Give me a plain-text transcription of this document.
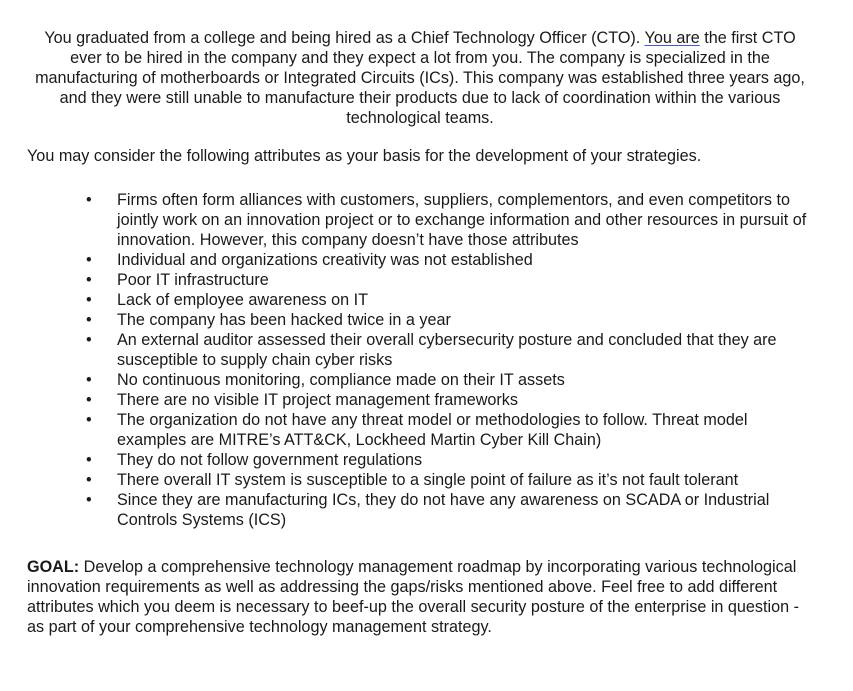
You graduated from a college and being hired as a Chief Technology Officer (CTO). You are the first CTO ever to be hired in the company and they expect a lot from you. The company is specialized in the manufacturing of motherboards or Integrated Circuits (ICs). This company was established three years ago, and they were still unable to manufacture their products due to lack of coordination within the various technological teams.

You may consider the following attributes as your basis for the development of your strategies.

•	Firms often form alliances with customers, suppliers, complementors, and even competitors to jointly work on an innovation project or to exchange information and other resources in pursuit of innovation. However, this company doesn’t have those attributes
•	Individual and organizations creativity was not established
•	Poor IT infrastructure
•	Lack of employee awareness on IT
•	The company has been hacked twice in a year
•	An external auditor assessed their overall cybersecurity posture and concluded that they are susceptible to supply chain cyber risks
•	No continuous monitoring, compliance made on their IT assets
•	There are no visible IT project management frameworks
•	The organization do not have any threat model or methodologies to follow. Threat model examples are MITRE’s ATT&CK, Lockheed Martin Cyber Kill Chain)
•	They do not follow government regulations
•	There overall IT system is susceptible to a single point of failure as it’s not fault tolerant
•	Since they are manufacturing ICs, they do not have any awareness on SCADA or Industrial Controls Systems (ICS)

GOAL: Develop a comprehensive technology management roadmap by incorporating various technological innovation requirements as well as addressing the gaps/risks mentioned above. Feel free to add different attributes which you deem is necessary to beef-up the overall security posture of the enterprise in question - as part of your comprehensive technology management strategy.
